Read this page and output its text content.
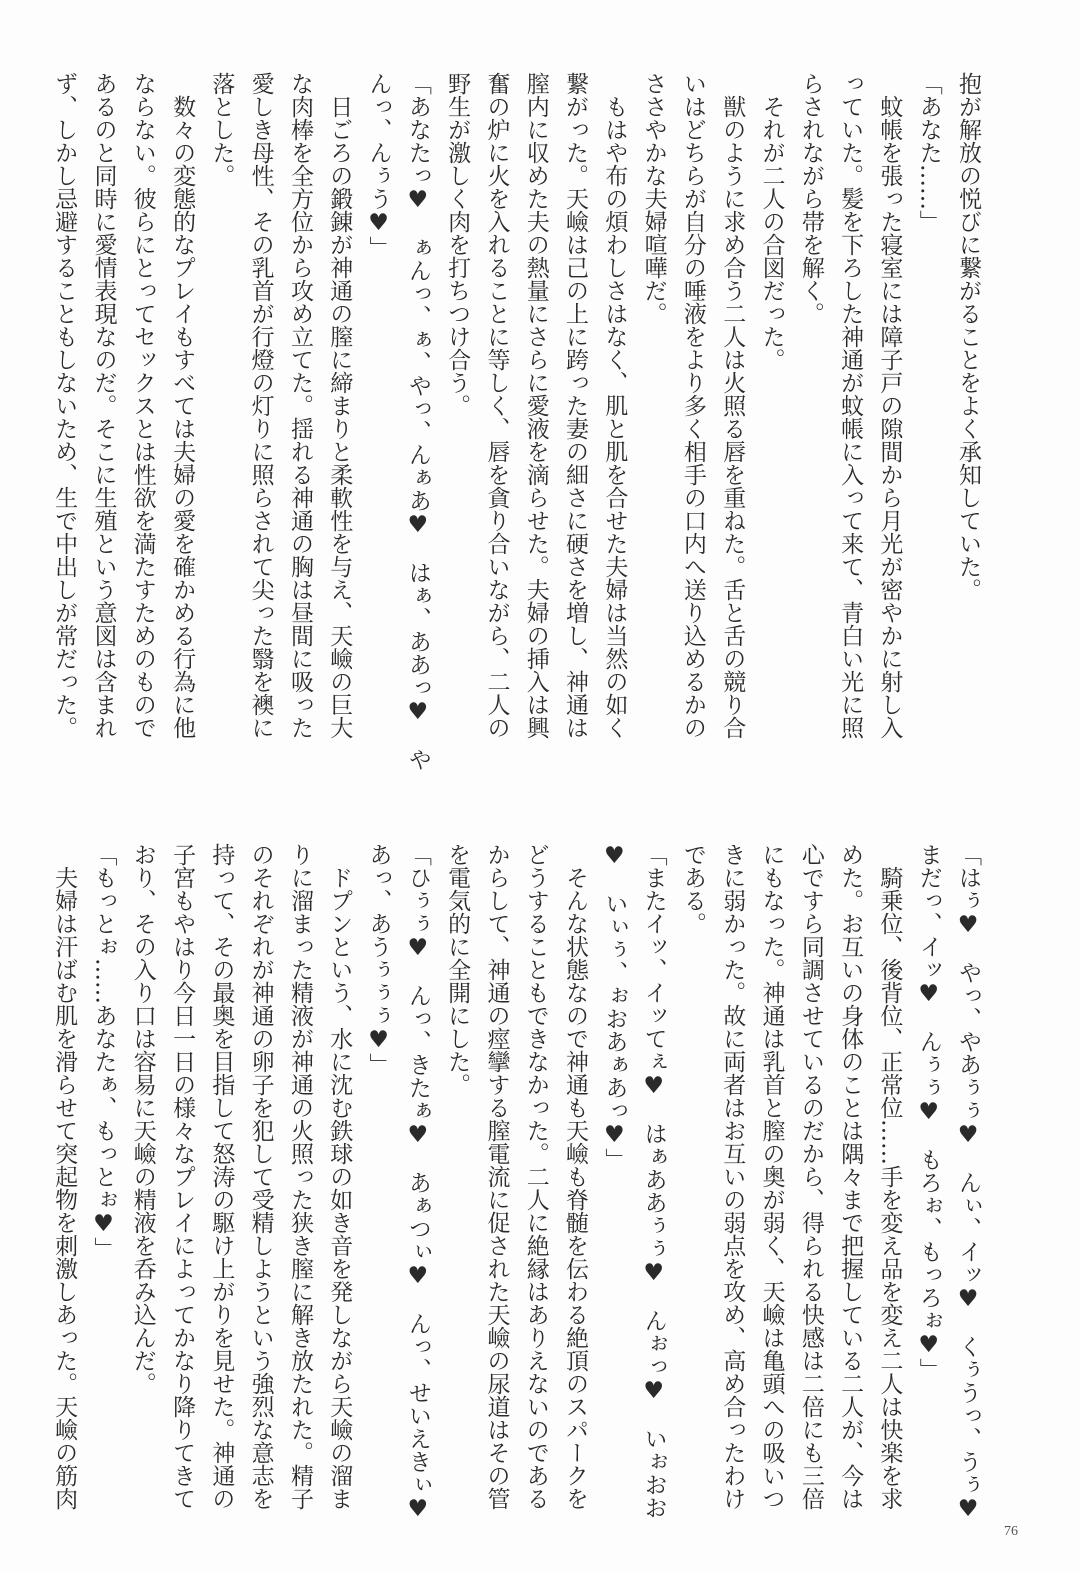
抱が解放の悦びに繋がることをよく承知していた。
「あなた……」
　蚊帳を張った寝室には障子戸の隙間から月光が密やかに射し入
っていた。髪を下ろした神通が蚊帳に入って来て、青白い光に照
らされながら帯を解く。
　それが二人の合図だった。
　獣のように求め合う二人は火照る唇を重ねた。舌と舌の競り合
いはどちらが自分の唾液をより多く相手の口内へ送り込めるかの
ささやかな夫婦喧嘩だ。
　もはや布の煩わしさはなく、肌と肌を合せた夫婦は当然の如く
繋がった。天嶮は己の上に跨った妻の細さに硬さを増し、神通は
膣内に収めた夫の熱量にさらに愛液を滴らせた。夫婦の挿入は興
奮の炉に火を入れることに等しく、唇を貪り合いながら、二人の
野生が激しく肉を打ちつけ合う。
「あなたっ♥　ぁんっ、ぁ、やっ、んぁあ♥　はぁ、ああっ♥　や
んっ、んぅう♥」
　日ごろの鍛錬が神通の膣に締まりと柔軟性を与え、天嶮の巨大
な肉棒を全方位から攻め立てた。揺れる神通の胸は昼間に吸った
愛しき母性、その乳首が行燈の灯りに照らされて尖った翳を襖に
落とした。
　数々の変態的なプレイもすべては夫婦の愛を確かめる行為に他
ならない。彼らにとってセックスとは性欲を満たすためのもので
あるのと同時に愛情表現なのだ。そこに生殖という意図は含まれ
ず、しかし忌避することもしないため、生で中出しが常だった。
「はぅ♥　やっ、やあぅぅ♥　んぃ、イッ♥　くぅうっ、うぅ♥
まだっ、イッ♥　んぅぅ♥　もろぉ、もっろぉ♥」
　騎乗位、後背位、正常位……手を変え品を変え二人は快楽を求
めた。お互いの身体のことは隅々まで把握している二人が、今は
心ですら同調させているのだから、得られる快感は二倍にも三倍
にもなった。神通は乳首と膣の奥が弱く、天嶮は亀頭への吸いつ
きに弱かった。故に両者はお互いの弱点を攻め、高め合ったわけ
である。
「またイッ、イッてぇ♥　はぁああぅぅ♥　んぉっ♥　いぉおお
♥　いぃぅ、ぉおあぁあっ♥」
　そんな状態なので神通も天嶮も脊髄を伝わる絶頂のスパークを
どうすることもできなかった。二人に絶縁はありえないのである
からして、神通の痙攣する膣電流に促された天嶮の尿道はその管
を電気的に全開にした。
「ひぅぅ♥　んっ、きたぁ♥　あぁつぃ♥　んっ、せいえきぃ♥
あっ、あうぅぅぅ♥」
　ドプンという、水に沈む鉄球の如き音を発しながら天嶮の溜ま
りに溜まった精液が神通の火照った狭き膣に解き放たれた。精子
のそれぞれが神通の卵子を犯して受精しようという強烈な意志を
持って、その最奥を目指して怒涛の駆け上がりを見せた。神通の
子宮もやはり今日一日の様々なプレイによってかなり降りてきて
おり、その入り口は容易に天嶮の精液を呑み込んだ。
「もっとぉ……あなたぁ、もっとぉ♥」
　夫婦は汗ばむ肌を滑らせて突起物を刺激しあった。天嶮の筋肉
76
